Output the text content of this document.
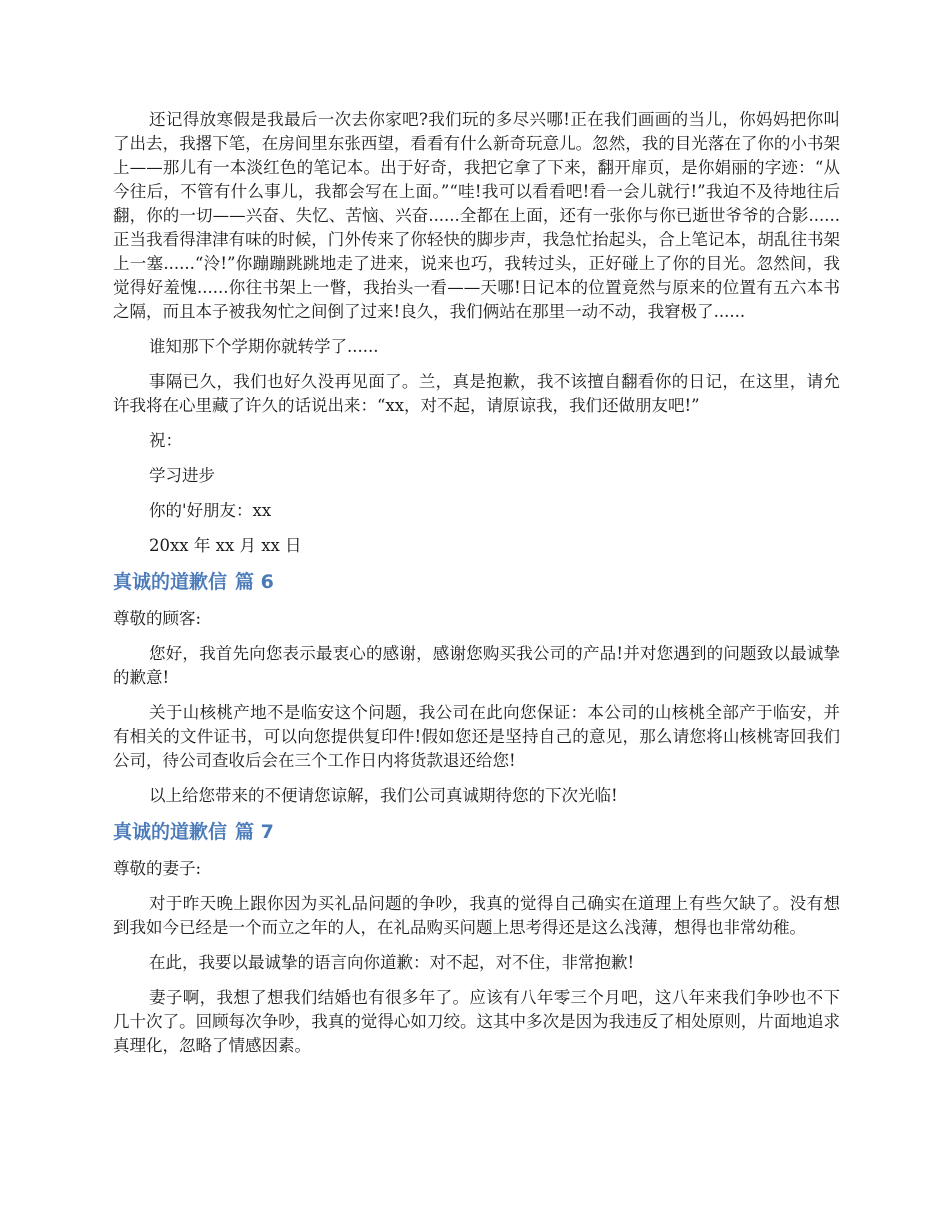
还记得放寒假是我最后一次去你家吧?我们玩的多尽兴哪!正在我们画画的当儿，你妈妈把你叫了出去，我撂下笔，在房间里东张西望，看看有什么新奇玩意儿。忽然，我的目光落在了你的小书架上——那儿有一本淡红色的笔记本。出于好奇，我把它拿了下来，翻开扉页，是你娟丽的字迹：“从今往后，不管有什么事儿，我都会写在上面。”“哇!我可以看看吧!看一会儿就行!”我迫不及待地往后翻，你的一切——兴奋、失忆、苦恼、兴奋......全都在上面，还有一张你与你已逝世爷爷的合影......正当我看得津津有味的时候，门外传来了你轻快的脚步声，我急忙抬起头，合上笔记本，胡乱往书架上一塞......“泠!”你蹦蹦跳跳地走了进来，说来也巧，我转过头，正好碰上了你的目光。忽然间，我觉得好羞愧......你往书架上一瞥，我抬头一看——天哪!日记本的位置竟然与原来的位置有五六本书之隔，而且本子被我匆忙之间倒了过来!良久，我们俩站在那里一动不动，我窘极了......

谁知那下个学期你就转学了......

事隔已久，我们也好久没再见面了。兰，真是抱歉，我不该擅自翻看你的日记，在这里，请允许我将在心里藏了许久的话说出来：“xx，对不起，请原谅我，我们还做朋友吧!”

祝：

学习进步

你的'好朋友：xx

20xx 年 xx 月 xx 日

真诚的道歉信 篇 6

尊敬的顾客:

您好，我首先向您表示最衷心的感谢，感谢您购买我公司的产品!并对您遇到的问题致以最诚挚的歉意!

关于山核桃产地不是临安这个问题，我公司在此向您保证：本公司的山核桃全部产于临安，并有相关的文件证书，可以向您提供复印件!假如您还是坚持自己的意见，那么请您将山核桃寄回我们公司，待公司查收后会在三个工作日内将货款退还给您!

以上给您带来的不便请您谅解，我们公司真诚期待您的下次光临!

真诚的道歉信 篇 7

尊敬的妻子:

对于昨天晚上跟你因为买礼品问题的争吵，我真的觉得自己确实在道理上有些欠缺了。没有想到我如今已经是一个而立之年的人，在礼品购买问题上思考得还是这么浅薄，想得也非常幼稚。

在此，我要以最诚挚的语言向你道歉：对不起，对不住，非常抱歉!

妻子啊，我想了想我们结婚也有很多年了。应该有八年零三个月吧，这八年来我们争吵也不下几十次了。回顾每次争吵，我真的觉得心如刀绞。这其中多次是因为我违反了相处原则，片面地追求真理化，忽略了情感因素。
